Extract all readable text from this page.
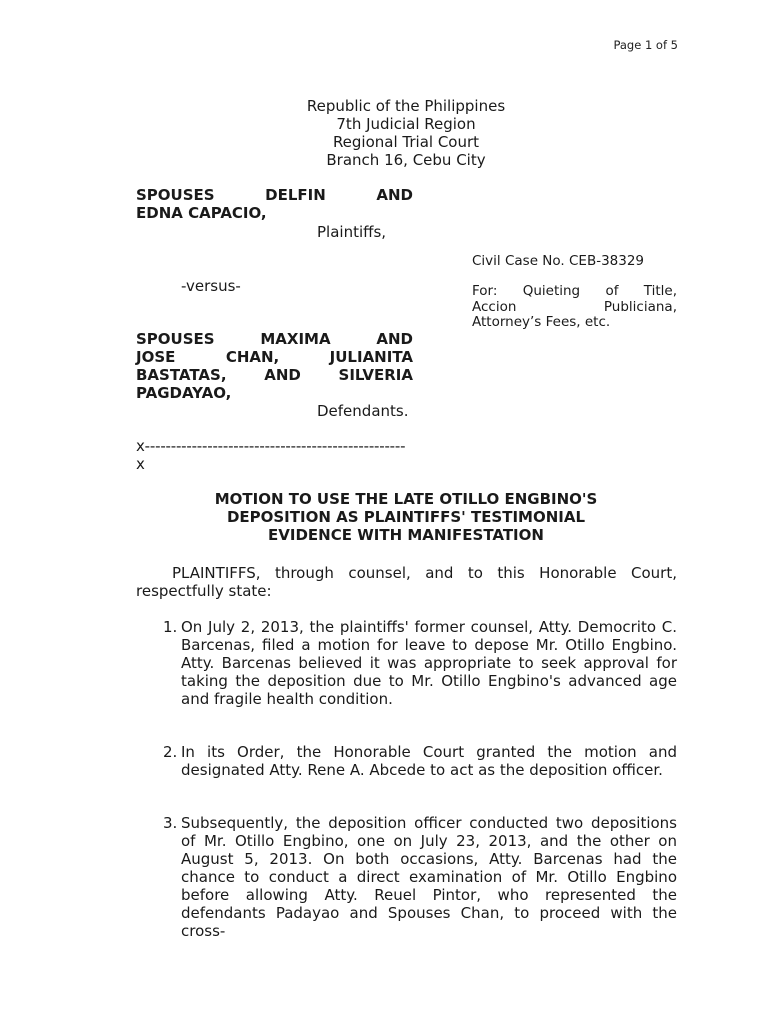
Page 1 of 5
Republic of the Philippines
7th Judicial Region
Regional Trial Court
Branch 16, Cebu City
SPOUSES DELFIN AND
EDNA CAPACIO,
Plaintiffs,
-versus-
SPOUSES MAXIMA AND
JOSE CHAN, JULIANITA
BASTATAS, AND SILVERIA
PAGDAYAO,
Defendants.
x--------------------------------------------------x
Civil Case No. CEB-38329
For: Quieting of Title,
Accion Publiciana,
Attorney’s Fees, etc.
MOTION TO USE THE LATE OTILLO ENGBINO'S
DEPOSITION AS PLAINTIFFS' TESTIMONIAL
EVIDENCE WITH MANIFESTATION
PLAINTIFFS, through counsel, and to this Honorable Court, respectfully state:
1. On July 2, 2013, the plaintiffs' former counsel, Atty. Democrito C. Barcenas, filed a motion for leave to depose Mr. Otillo Engbino. Atty. Barcenas believed it was appropriate to seek approval for taking the deposition due to Mr. Otillo Engbino's advanced age and fragile health condition.
2. In its Order, the Honorable Court granted the motion and designated Atty. Rene A. Abcede to act as the deposition officer.
3. Subsequently, the deposition officer conducted two depositions of Mr. Otillo Engbino, one on July 23, 2013, and the other on August 5, 2013. On both occasions, Atty. Barcenas had the chance to conduct a direct examination of Mr. Otillo Engbino before allowing Atty. Reuel Pintor, who represented the defendants Padayao and Spouses Chan, to proceed with the cross-
